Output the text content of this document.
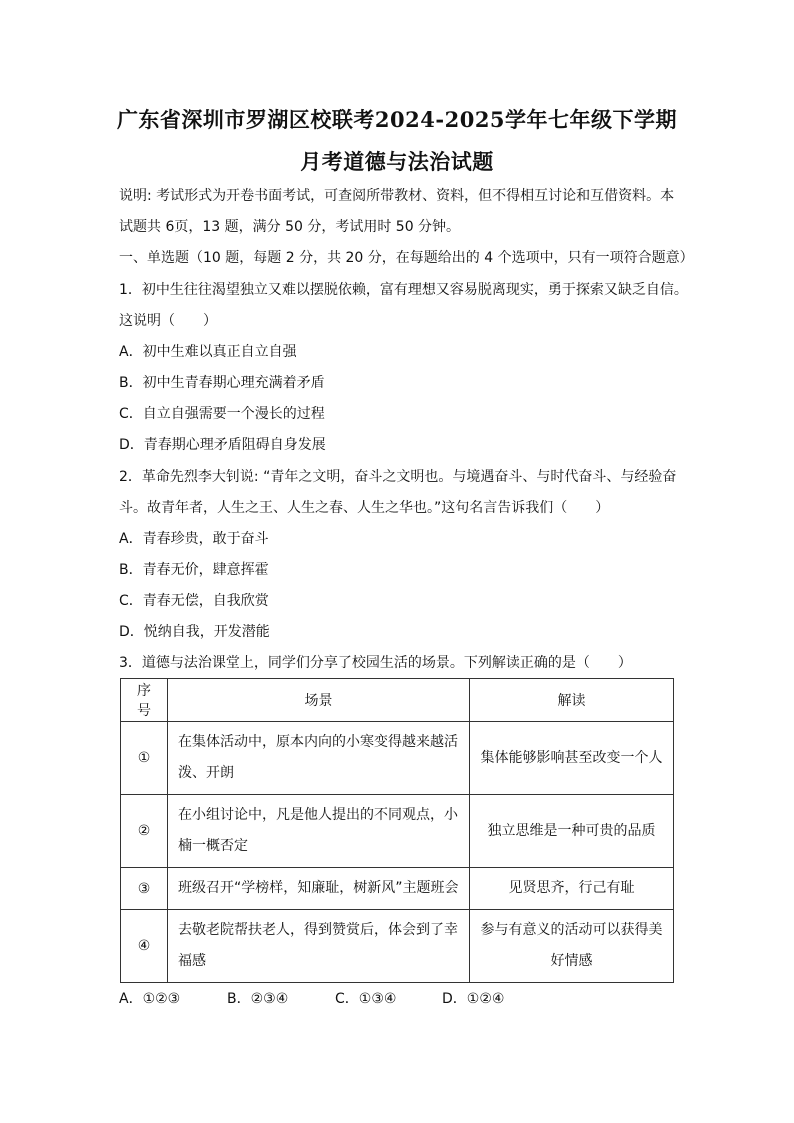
广东省深圳市罗湖区校联考2024-2025学年七年级下学期
月考道德与法治试题
说明: 考试形式为开卷书面考试，可查阅所带教材、资料，但不得相互讨论和互借资料。本
试题共 6页，13 题，满分 50 分，考试用时 50 分钟。
一、单选题（10 题，每题 2 分，共 20 分，在每题给出的 4 个选项中，只有一项符合题意）
1．初中生往往渴望独立又难以摆脱依赖，富有理想又容易脱离现实，勇于探索又缺乏自信。
这说明（　　）
A．初中生难以真正自立自强
B．初中生青春期心理充满着矛盾
C．自立自强需要一个漫长的过程
D．青春期心理矛盾阻碍自身发展
2．革命先烈李大钊说: “青年之文明，奋斗之文明也。与境遇奋斗、与时代奋斗、与经验奋
斗。故青年者，人生之王、人生之春、人生之华也。”这句名言告诉我们（　　）
A．青春珍贵，敢于奋斗
B．青春无价，肆意挥霍
C．青春无偿，自我欣赏
D．悦纳自我，开发潜能
3．道德与法治课堂上，同学们分享了校园生活的场景。下列解读正确的是（　　）
序号	场景	解读
①	在集体活动中，原本内向的小寒变得越来越活泼、开朗	集体能够影响甚至改变一个人
②	在小组讨论中，凡是他人提出的不同观点，小楠一概否定	独立思维是一种可贵的品质
③	班级召开“学榜样，知廉耻，树新风”主题班会	见贤思齐，行己有耻
④	去敬老院帮扶老人，得到赞赏后，体会到了幸福感	参与有意义的活动可以获得美好情感
A．①②③	B．②③④	C．①③④	D．①②④
